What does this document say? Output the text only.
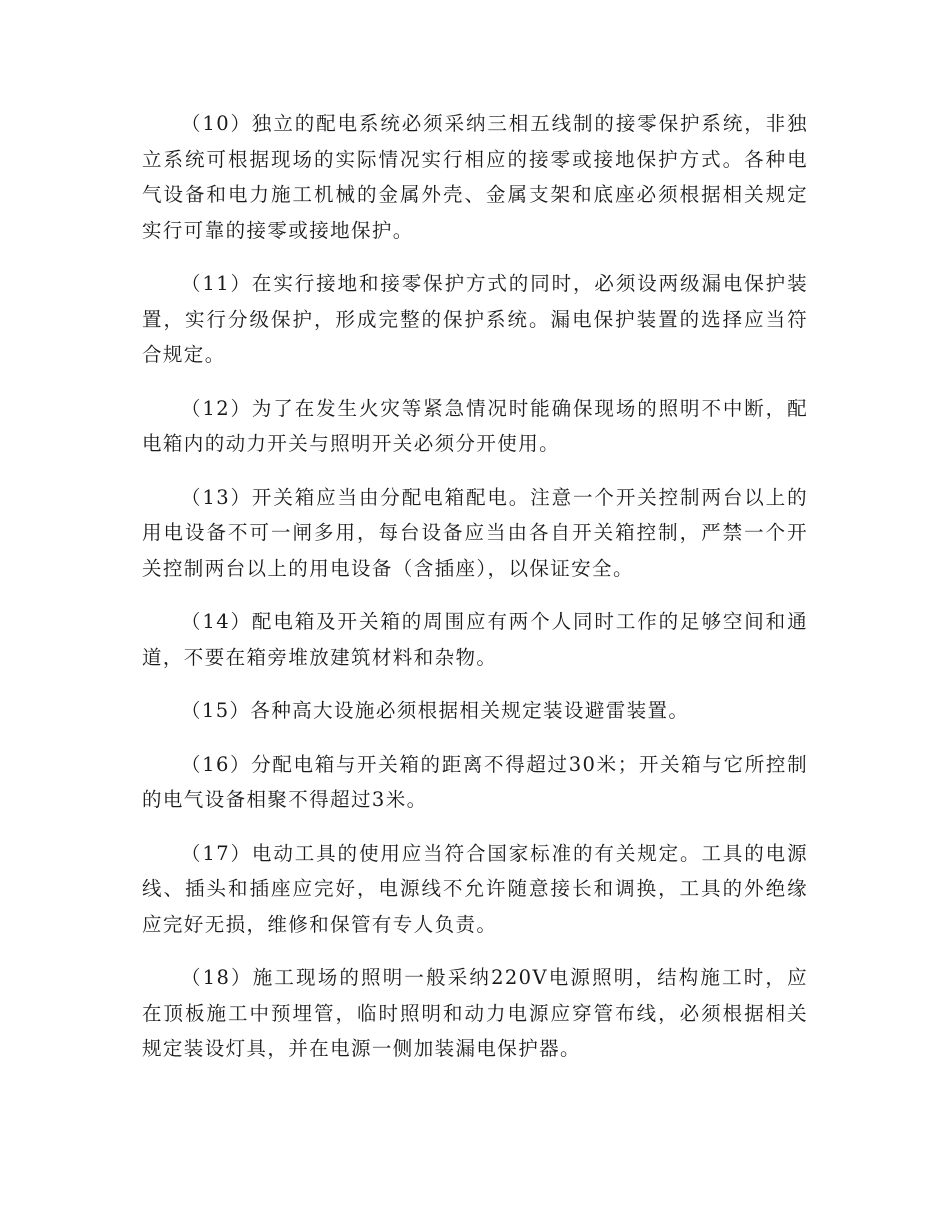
（10）独立的配电系统必须采纳三相五线制的接零保护系统，非独立系统可根据现场的实际情况实行相应的接零或接地保护方式。各种电气设备和电力施工机械的金属外壳、金属支架和底座必须根据相关规定实行可靠的接零或接地保护。

（11）在实行接地和接零保护方式的同时，必须设两级漏电保护装置，实行分级保护，形成完整的保护系统。漏电保护装置的选择应当符合规定。

（12）为了在发生火灾等紧急情况时能确保现场的照明不中断，配电箱内的动力开关与照明开关必须分开使用。

（13）开关箱应当由分配电箱配电。注意一个开关控制两台以上的用电设备不可一闸多用，每台设备应当由各自开关箱控制，严禁一个开关控制两台以上的用电设备（含插座），以保证安全。

（14）配电箱及开关箱的周围应有两个人同时工作的足够空间和通道，不要在箱旁堆放建筑材料和杂物。

（15）各种高大设施必须根据相关规定装设避雷装置。

（16）分配电箱与开关箱的距离不得超过30米；开关箱与它所控制的电气设备相聚不得超过3米。

（17）电动工具的使用应当符合国家标准的有关规定。工具的电源线、插头和插座应完好，电源线不允许随意接长和调换，工具的外绝缘应完好无损，维修和保管有专人负责。

（18）施工现场的照明一般采纳220V电源照明，结构施工时，应在顶板施工中预埋管，临时照明和动力电源应穿管布线，必须根据相关规定装设灯具，并在电源一侧加装漏电保护器。
